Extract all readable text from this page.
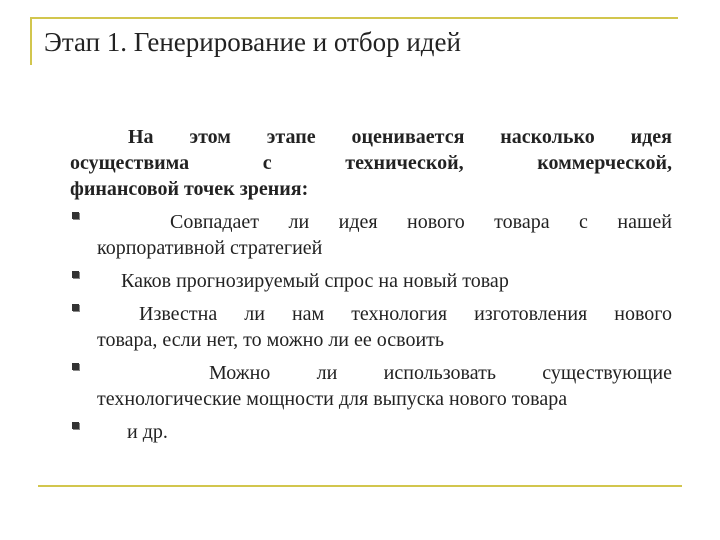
Этап 1. Генерирование и отбор идей
На этом этапе оценивается насколько идея
осуществима	с	технической,	коммерческой,
финансовой точек зрения:
Совпадает ли идея нового товара с нашей
корпоративной стратегией
Каков прогнозируемый спрос на новый товар
Известна ли нам технология изготовления нового
товара, если нет, то можно ли ее освоить
Можно ли использовать существующие
технологические мощности для выпуска нового товара
и др.
